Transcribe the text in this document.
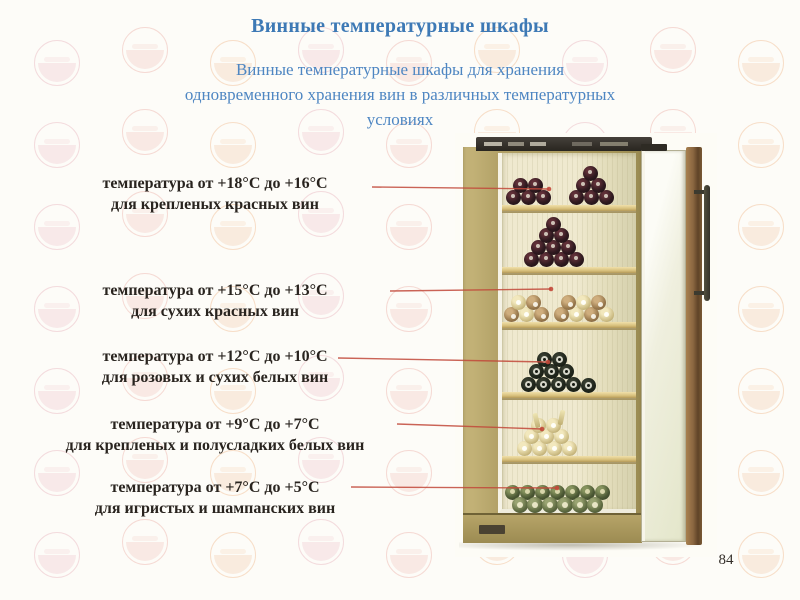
Винные температурные шкафы
Винные температурные шкафы для хранения
одновременного хранения вин в различных температурных
условиях
температура от +18°С до +16°С
для крепленых красных вин
температура от +15°С до +13°С
для сухих красных вин
температура от +12°С до +10°С
для розовых и сухих белых вин
температура от +9°С до +7°С
для крепленых и полусладких белых вин
температура от +7°С до +5°С
для игристых и шампанских вин
84
